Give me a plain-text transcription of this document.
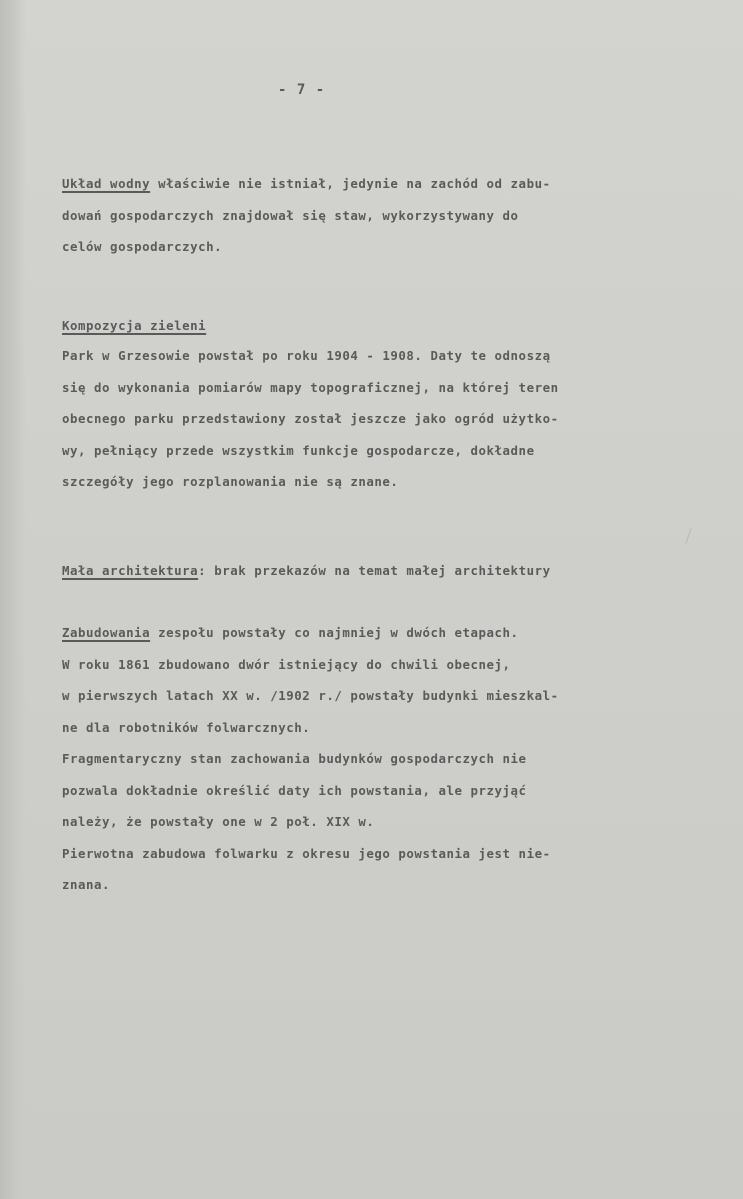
- 7 -
Układ wodny właściwie nie istniał, jedynie na zachód od zabu-
dowań gospodarczych znajdował się staw, wykorzystywany do
celów gospodarczych.
Kompozycja zieleni
Park w Grzesowie powstał po roku 1904 - 1908. Daty te odnoszą
się do wykonania pomiarów mapy topograficznej, na której teren
obecnego parku przedstawiony został jeszcze jako ogród użytko-
wy, pełniący przede wszystkim funkcje gospodarcze, dokładne
szczegóły jego rozplanowania nie są znane.
Mała architektura: brak przekazów na temat małej architektury
Zabudowania zespołu powstały co najmniej w dwóch etapach.
W roku 1861 zbudowano dwór istniejący do chwili obecnej,
w pierwszych latach XX w. /1902 r./ powstały budynki mieszkal-
ne dla robotników folwarcznych.
Fragmentaryczny stan zachowania budynków gospodarczych nie
pozwala dokładnie określić daty ich powstania, ale przyjąć
należy, że powstały one w 2 poł. XIX w.
Pierwotna zabudowa folwarku z okresu jego powstania jest nie-
znana.
